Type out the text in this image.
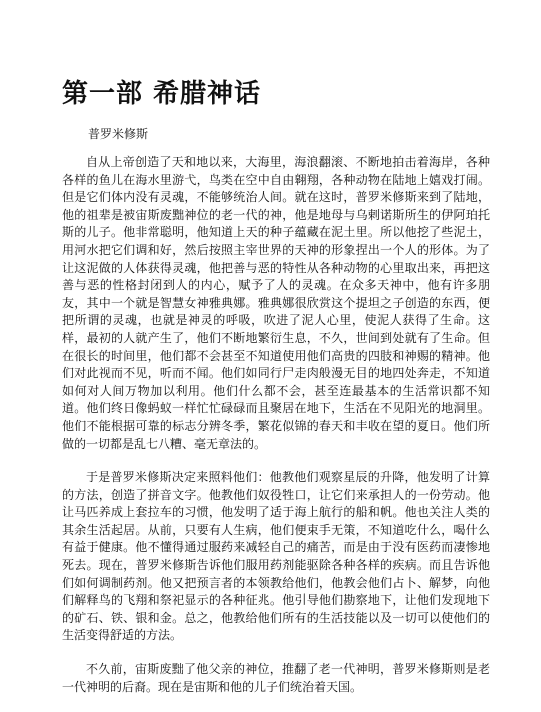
第一部 希腊神话

普罗米修斯

自从上帝创造了天和地以来，大海里，海浪翻滚、不断地拍击着海岸，各种各样的鱼儿在海水里游弋，鸟类在空中自由翱翔，各种动物在陆地上嬉戏打闹。但是它们体内没有灵魂，不能够统治人间。就在这时，普罗米修斯来到了陆地，他的祖辈是被宙斯废黜神位的老一代的神，他是地母与乌剌诺斯所生的伊阿珀托斯的儿子。他非常聪明，他知道上天的种子蕴藏在泥土里。所以他挖了些泥土，用河水把它们调和好，然后按照主宰世界的天神的形象捏出一个人的形体。为了让这泥做的人体获得灵魂，他把善与恶的特性从各种动物的心里取出来，再把这善与恶的性格封闭到人的内心，赋予了人的灵魂。在众多天神中，他有许多朋友，其中一个就是智慧女神雅典娜。雅典娜很欣赏这个提坦之子创造的东西，便把所谓的灵魂，也就是神灵的呼吸，吹进了泥人心里，使泥人获得了生命。这样，最初的人就产生了，他们不断地繁衍生息，不久，世间到处就有了生命。但在很长的时间里，他们都不会甚至不知道使用他们高贵的四肢和神赐的精神。他们对此视而不见，听而不闻。他们如同行尸走肉般漫无目的地四处奔走，不知道如何对人间万物加以利用。他们什么都不会，甚至连最基本的生活常识都不知道。他们终日像蚂蚁一样忙忙碌碌而且聚居在地下，生活在不见阳光的地洞里。他们不能根据可靠的标志分辨冬季，繁花似锦的春天和丰收在望的夏日。他们所做的一切都是乱七八糟、毫无章法的。

于是普罗米修斯决定来照料他们：他教他们观察星辰的升降，他发明了计算的方法，创造了拼音文字。他教他们奴役牲口，让它们来承担人的一份劳动。他让马匹养成上套拉车的习惯，他发明了适于海上航行的船和帆。他也关注人类的其余生活起居。从前，只要有人生病，他们便束手无策，不知道吃什么，喝什么有益于健康。他不懂得通过服药来减轻自己的痛苦，而是由于没有医药而凄惨地死去。现在，普罗米修斯告诉他们服用药剂能驱除各种各样的疾病。而且告诉他们如何调制药剂。他又把预言者的本领教给他们，他教会他们占卜、解梦，向他们解释鸟的飞翔和祭祀显示的各种征兆。他引导他们勘察地下，让他们发现地下的矿石、铁、银和金。总之，他教给他们所有的生活技能以及一切可以使他们的生活变得舒适的方法。

不久前，宙斯废黜了他父亲的神位，推翻了老一代神明，普罗米修斯则是老一代神明的后裔。现在是宙斯和他的儿子们统治着天国。
